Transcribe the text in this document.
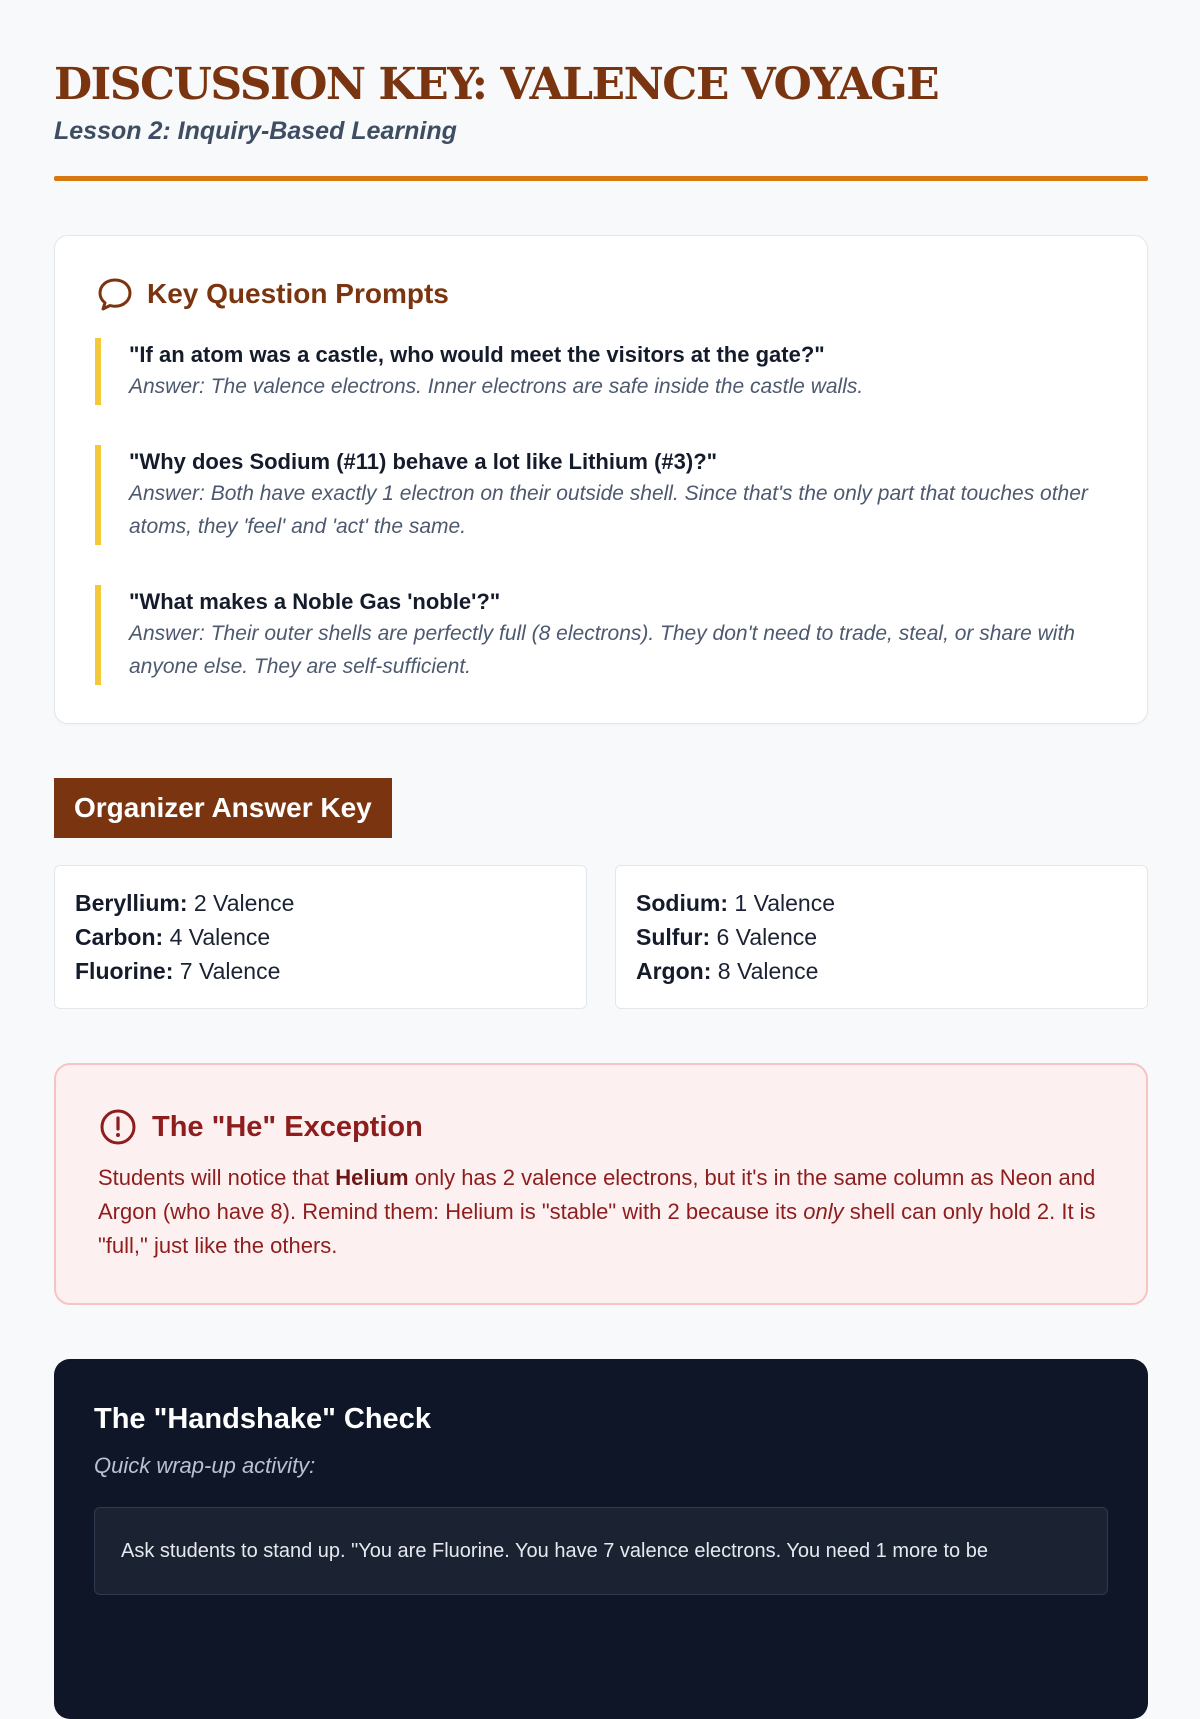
DISCUSSION KEY: VALENCE VOYAGE
Lesson 2: Inquiry-Based Learning
Key Question Prompts
"If an atom was a castle, who would meet the visitors at the gate?"
Answer: The valence electrons. Inner electrons are safe inside the castle walls.
"Why does Sodium (#11) behave a lot like Lithium (#3)?"
Answer: Both have exactly 1 electron on their outside shell. Since that's the only part that touches other atoms, they 'feel' and 'act' the same.
"What makes a Noble Gas 'noble'?"
Answer: Their outer shells are perfectly full (8 electrons). They don't need to trade, steal, or share with anyone else. They are self-sufficient.
Organizer Answer Key
Beryllium: 2 Valence
Carbon: 4 Valence
Fluorine: 7 Valence
Sodium: 1 Valence
Sulfur: 6 Valence
Argon: 8 Valence
The "He" Exception
Students will notice that Helium only has 2 valence electrons, but it's in the same column as Neon and Argon (who have 8). Remind them: Helium is "stable" with 2 because its only shell can only hold 2. It is "full," just like the others.
The "Handshake" Check
Quick wrap-up activity:
Ask students to stand up. "You are Fluorine. You have 7 valence electrons. You need 1 more to be
